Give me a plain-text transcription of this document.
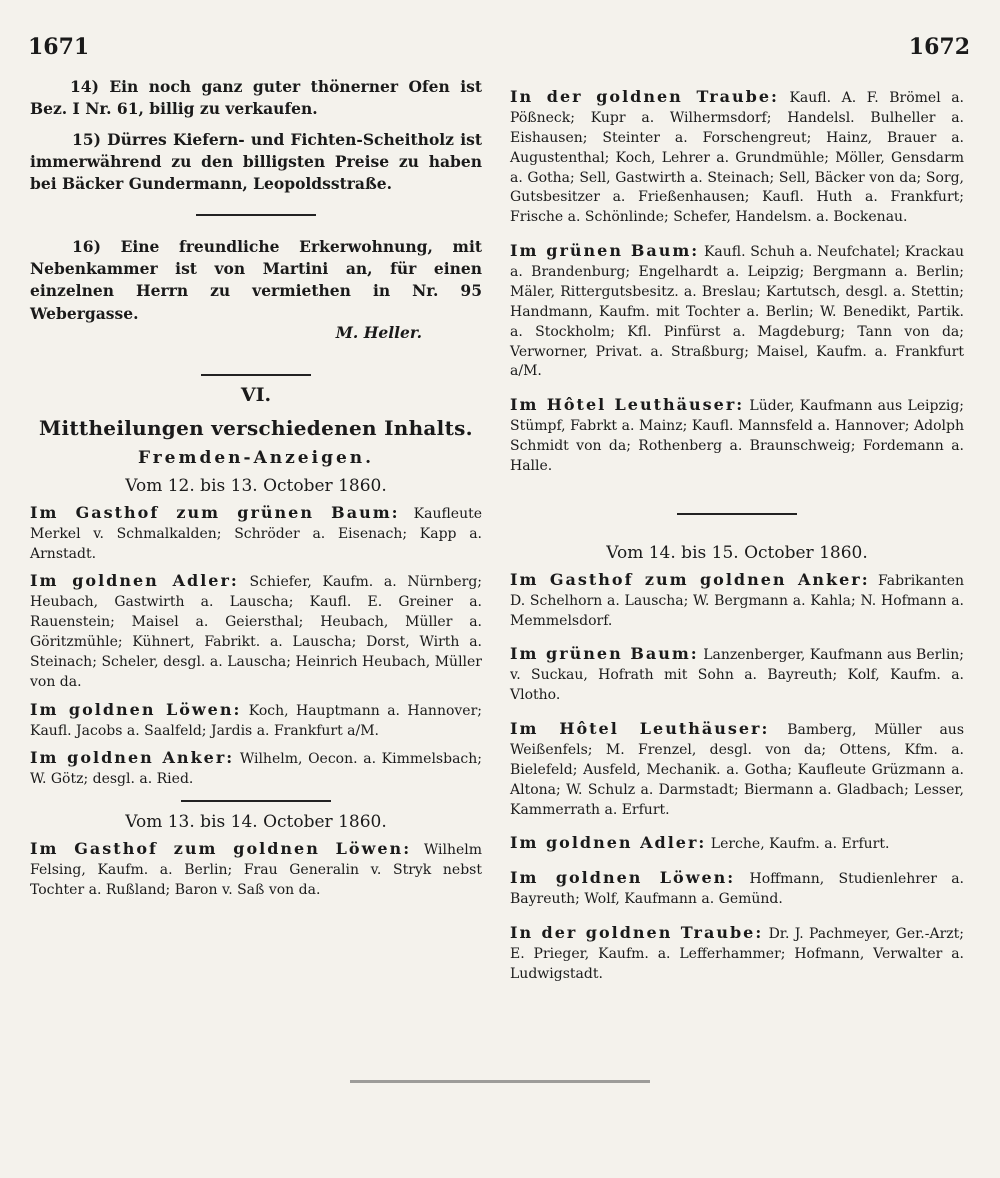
1671	1672

14) Ein noch ganz guter thönerner Ofen ist Bez. I Nr. 61, billig zu verkaufen.

15) Dürres Kiefern- und Fichten-Scheitholz ist immerwährend zu den billigsten Preise zu haben bei Bäcker Gundermann, Leopoldsstraße.

16) Eine freundliche Erkerwohnung, mit Nebenkammer ist von Martini an, für einen einzelnen Herrn zu vermiethen in Nr. 95 Webergasse.

M. Heller.

VI.

Mittheilungen verschiedenen Inhalts.

Fremden-Anzeigen.

Vom 12. bis 13. October 1860.

Im Gasthof zum grünen Baum: Kaufleute Merkel v. Schmalkalden; Schröder a. Eisenach; Kapp a. Arnstadt.

Im goldnen Adler: Schiefer, Kaufm. a. Nürnberg; Heubach, Gastwirth a. Lauscha; Kaufl. E. Greiner a. Rauenstein; Maisel a. Geiersthal; Heubach, Müller a. Göritzmühle; Kühnert, Fabrikt. a. Lauscha; Dorst, Wirth a. Steinach; Scheler, desgl. a. Lauscha; Heinrich Heubach, Müller von da.

Im goldnen Löwen: Koch, Hauptmann a. Hannover; Kaufl. Jacobs a. Saalfeld; Jardis a. Frankfurt a/M.

Im goldnen Anker: Wilhelm, Oecon. a. Kimmelsbach; W. Götz; desgl. a. Ried.

Vom 13. bis 14. October 1860.

Im Gasthof zum goldnen Löwen: Wilhelm Felsing, Kaufm. a. Berlin; Frau Generalin v. Stryk nebst Tochter a. Rußland; Baron v. Saß von da.

In der goldnen Traube: Kaufl. A. F. Brömel a. Pößneck; Kupr a. Wilhermsdorf; Handelsl. Bulheller a. Eishausen; Steinter a. Forschengreut; Hainz, Brauer a. Augustenthal; Koch, Lehrer a. Grundmühle; Möller, Gensdarm a. Gotha; Sell, Gastwirth a. Steinach; Sell, Bäcker von da; Sorg, Gutsbesitzer a. Frießenhausen; Kaufl. Huth a. Frankfurt; Frische a. Schönlinde; Schefer, Handelsm. a. Bockenau.

Im grünen Baum: Kaufl. Schuh a. Neufchatel; Krackau a. Brandenburg; Engelhardt a. Leipzig; Bergmann a. Berlin; Mäler, Rittergutsbesitz. a. Breslau; Kartutsch, desgl. a. Stettin; Handmann, Kaufm. mit Tochter a. Berlin; W. Benedikt, Partik. a. Stockholm; Kfl. Pinfürst a. Magdeburg; Tann von da; Verworner, Privat. a. Straßburg; Maisel, Kaufm. a. Frankfurt a/M.

Im Hôtel Leuthäuser: Lüder, Kaufmann aus Leipzig; Stümpf, Fabrkt a. Mainz; Kaufl. Mannsfeld a. Hannover; Adolph Schmidt von da; Rothenberg a. Braunschweig; Fordemann a. Halle.

Vom 14. bis 15. October 1860.

Im Gasthof zum goldnen Anker: Fabrikanten D. Schelhorn a. Lauscha; W. Bergmann a. Kahla; N. Hofmann a. Memmelsdorf.

Im grünen Baum: Lanzenberger, Kaufmann aus Berlin; v. Suckau, Hofrath mit Sohn a. Bayreuth; Kolf, Kaufm. a. Vlotho.

Im Hôtel Leuthäuser: Bamberg, Müller aus Weißenfels; M. Frenzel, desgl. von da; Ottens, Kfm. a. Bielefeld; Ausfeld, Mechanik. a. Gotha; Kaufleute Grüzmann a. Altona; W. Schulz a. Darmstadt; Biermann a. Gladbach; Lesser, Kammerrath a. Erfurt.

Im goldnen Adler: Lerche, Kaufm. a. Erfurt.

Im goldnen Löwen: Hoffmann, Studienlehrer a. Bayreuth; Wolf, Kaufmann a. Gemünd.

In der goldnen Traube: Dr. J. Pachmeyer, Ger.-Arzt; E. Prieger, Kaufm. a. Lefferhammer; Hofmann, Verwalter a. Ludwigstadt.
